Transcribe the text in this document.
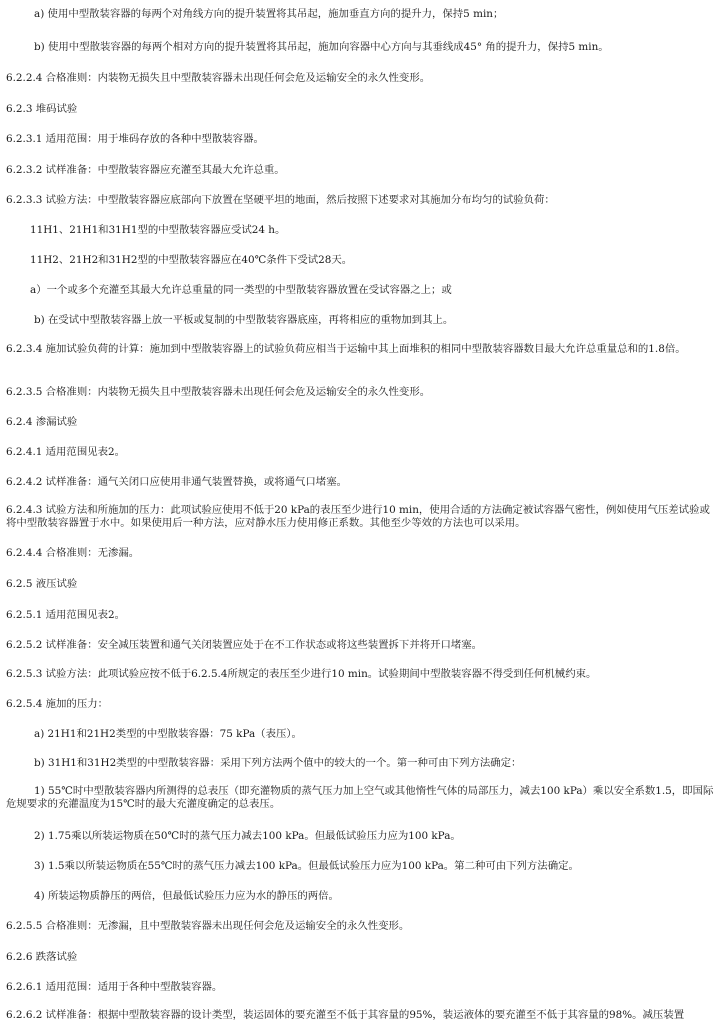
a) 使用中型散装容器的每两个对角线方向的提升装置将其吊起，施加垂直方向的提升力，保持5 min；

b) 使用中型散装容器的每两个相对方向的提升装置将其吊起，施加向容器中心方向与其垂线成45° 角的提升力，保持5 min。

6.2.2.4 合格准则：内装物无损失且中型散装容器未出现任何会危及运输安全的永久性变形。

6.2.3 堆码试验

6.2.3.1 适用范围：用于堆码存放的各种中型散装容器。

6.2.3.2 试样准备：中型散装容器应充灌至其最大允许总重。

6.2.3.3 试验方法：中型散装容器应底部向下放置在坚硬平坦的地面，然后按照下述要求对其施加分布均匀的试验负荷：

11H1、21H1和31H1型的中型散装容器应受试24 h。

11H2、21H2和31H2型的中型散装容器应在40℃条件下受试28天。

a）一个或多个充灌至其最大允许总重量的同一类型的中型散装容器放置在受试容器之上；或

b) 在受试中型散装容器上放一平板或复制的中型散装容器底座，再将相应的重物加到其上。

6.2.3.4 施加试验负荷的计算：施加到中型散装容器上的试验负荷应相当于运输中其上面堆积的相同中型散装容器数目最大允许总重量总和的1.8倍。

6.2.3.5 合格准则：内装物无损失且中型散装容器未出现任何会危及运输安全的永久性变形。

6.2.4 渗漏试验

6.2.4.1 适用范围见表2。

6.2.4.2 试样准备：通气关闭口应使用非通气装置替换，或将通气口堵塞。

6.2.4.3 试验方法和所施加的压力：此项试验应使用不低于20 kPa的表压至少进行10 min，使用合适的方法确定被试容器气密性，例如使用气压差试验或将中型散装容器置于水中。如果使用后一种方法，应对静水压力使用修正系数。其他至少等效的方法也可以采用。

6.2.4.4 合格准则：无渗漏。

6.2.5 液压试验

6.2.5.1 适用范围见表2。

6.2.5.2 试样准备：安全减压装置和通气关闭装置应处于在不工作状态或将这些装置拆下并将开口堵塞。

6.2.5.3 试验方法：此项试验应按不低于6.2.5.4所规定的表压至少进行10 min。试验期间中型散装容器不得受到任何机械约束。

6.2.5.4 施加的压力：

a) 21H1和21H2类型的中型散装容器：75 kPa（表压）。

b) 31H1和31H2类型的中型散装容器：采用下列方法两个值中的较大的一个。第一种可由下列方法确定：

1) 55℃时中型散装容器内所测得的总表压（即充灌物质的蒸气压力加上空气或其他惰性气体的局部压力，减去100 kPa）乘以安全系数1.5，即国际危规要求的充灌温度为15℃时的最大充灌度确定的总表压。

2) 1.75乘以所装运物质在50℃时的蒸气压力减去100 kPa。但最低试验压力应为100 kPa。

3) 1.5乘以所装运物质在55℃时的蒸气压力减去100 kPa。但最低试验压力应为100 kPa。第二种可由下列方法确定。

4) 所装运物质静压的两倍，但最低试验压力应为水的静压的两倍。

6.2.5.5 合格准则：无渗漏，且中型散装容器未出现任何会危及运输安全的永久性变形。

6.2.6 跌落试验

6.2.6.1 适用范围：适用于各种中型散装容器。

6.2.6.2 试样准备：根据中型散装容器的设计类型，装运固体的要充灌至不低于其容量的95%，装运液体的要充灌至不低于其容量的98%。减压装置
